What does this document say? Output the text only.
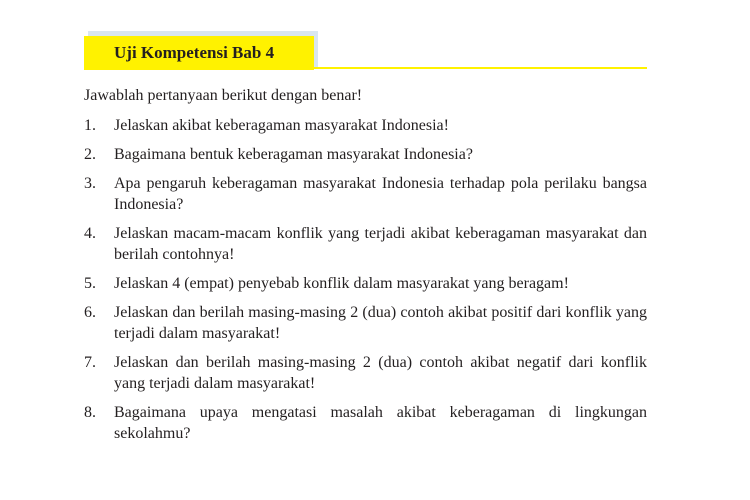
Uji Kompetensi Bab 4
Jawablah pertanyaan berikut dengan benar!
1. Jelaskan akibat keberagaman masyarakat Indonesia!
2. Bagaimana bentuk keberagaman masyarakat Indonesia?
3. Apa pengaruh keberagaman masyarakat Indonesia terhadap pola perilaku bangsa Indonesia?
4. Jelaskan macam-macam konflik yang terjadi akibat keberagaman masyarakat dan berilah contohnya!
5. Jelaskan 4 (empat) penyebab konflik dalam masyarakat yang beragam!
6. Jelaskan dan berilah masing-masing 2 (dua) contoh akibat positif dari konflik yang terjadi dalam masyarakat!
7. Jelaskan dan berilah masing-masing 2 (dua) contoh akibat negatif dari konflik yang terjadi dalam masyarakat!
8. Bagaimana upaya mengatasi masalah akibat keberagaman di lingkungan sekolahmu?
